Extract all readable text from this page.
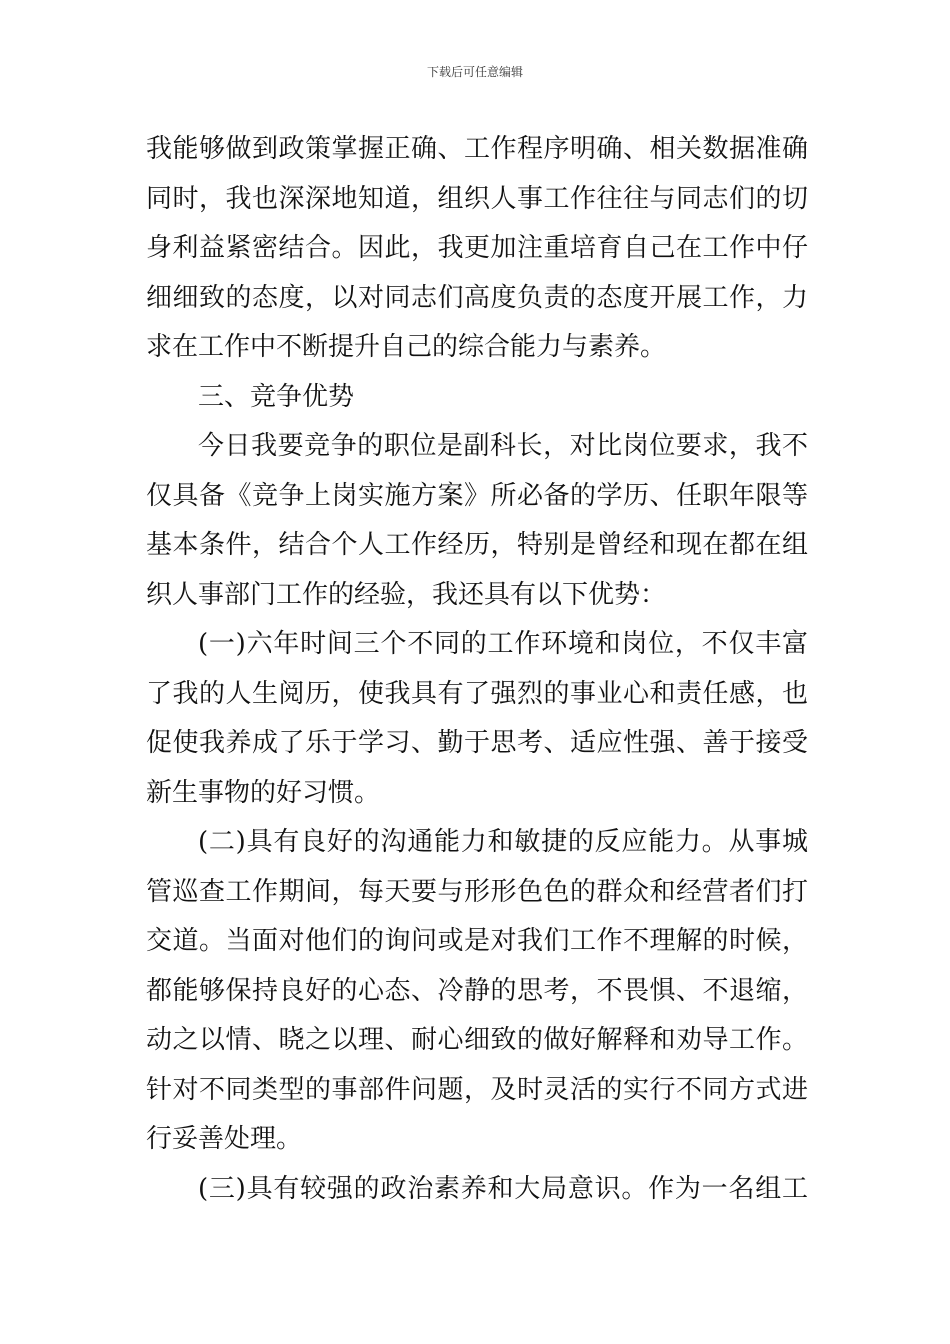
下载后可任意编辑
我能够做到政策掌握正确、工作程序明确、相关数据准确
同时，我也深深地知道，组织人事工作往往与同志们的切
身利益紧密结合。因此，我更加注重培育自己在工作中仔
细细致的态度，以对同志们高度负责的态度开展工作，力
求在工作中不断提升自己的综合能力与素养。
三、竞争优势
今日我要竞争的职位是副科长，对比岗位要求，我不
仅具备《竞争上岗实施方案》所必备的学历、任职年限等
基本条件，结合个人工作经历，特别是曾经和现在都在组
织人事部门工作的经验，我还具有以下优势：
(一)六年时间三个不同的工作环境和岗位，不仅丰富
了我的人生阅历，使我具有了强烈的事业心和责任感，也
促使我养成了乐于学习、勤于思考、适应性强、善于接受
新生事物的好习惯。
(二)具有良好的沟通能力和敏捷的反应能力。从事城
管巡查工作期间，每天要与形形色色的群众和经营者们打
交道。当面对他们的询问或是对我们工作不理解的时候，
都能够保持良好的心态、冷静的思考，不畏惧、不退缩，
动之以情、晓之以理、耐心细致的做好解释和劝导工作。
针对不同类型的事部件问题，及时灵活的实行不同方式进
行妥善处理。
(三)具有较强的政治素养和大局意识。作为一名组工
